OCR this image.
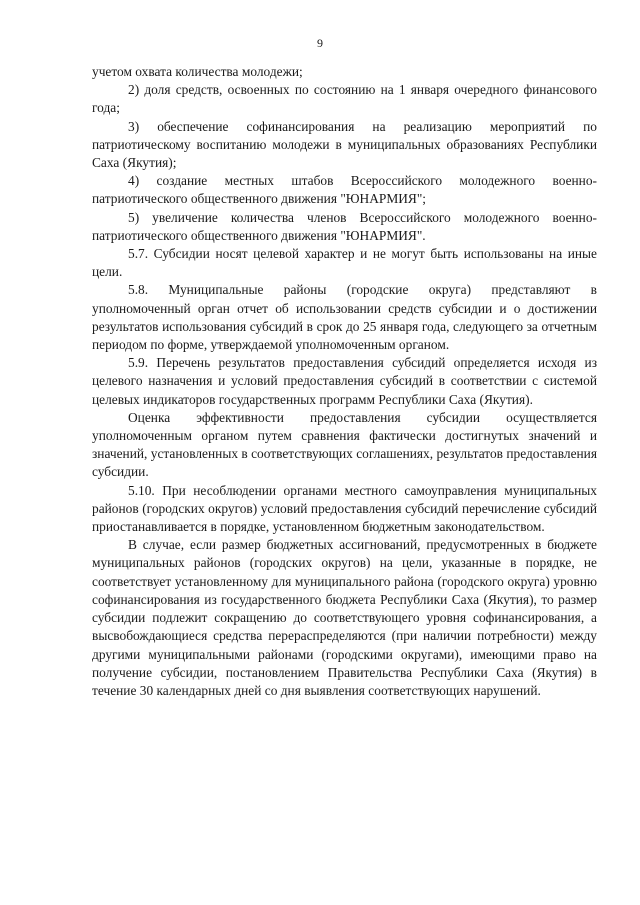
9

учетом охвата количества молодежи;

2) доля средств, освоенных по состоянию на 1 января очередного финансового года;

3) обеспечение софинансирования на реализацию мероприятий по патриотическому воспитанию молодежи в муниципальных образованиях Республики Саха (Якутия);

4) создание местных штабов Всероссийского молодежного военно-патриотического общественного движения "ЮНАРМИЯ";

5) увеличение количества членов Всероссийского молодежного военно-патриотического общественного движения "ЮНАРМИЯ".

5.7. Субсидии носят целевой характер и не могут быть использованы на иные цели.

5.8. Муниципальные районы (городские округа) представляют в уполномоченный орган отчет об использовании средств субсидии и о достижении результатов использования субсидий в срок до 25 января года, следующего за отчетным периодом по форме, утверждаемой уполномоченным органом.

5.9. Перечень результатов предоставления субсидий определяется исходя из целевого назначения и условий предоставления субсидий в соответствии с системой целевых индикаторов государственных программ Республики Саха (Якутия).

Оценка эффективности предоставления субсидии осуществляется уполномоченным органом путем сравнения фактически достигнутых значений и значений, установленных в соответствующих соглашениях, результатов предоставления субсидии.

5.10. При несоблюдении органами местного самоуправления муниципальных районов (городских округов) условий предоставления субсидий перечисление субсидий приостанавливается в порядке, установленном бюджетным законодательством.

В случае, если размер бюджетных ассигнований, предусмотренных в бюджете муниципальных районов (городских округов) на цели, указанные в порядке, не соответствует установленному для муниципального района (городского округа) уровню софинансирования из государственного бюджета Республики Саха (Якутия), то размер субсидии подлежит сокращению до соответствующего уровня софинансирования, а высвобождающиеся средства перераспределяются (при наличии потребности) между другими муниципальными районами (городскими округами), имеющими право на получение субсидии, постановлением Правительства Республики Саха (Якутия) в течение 30 календарных дней со дня выявления соответствующих нарушений.
